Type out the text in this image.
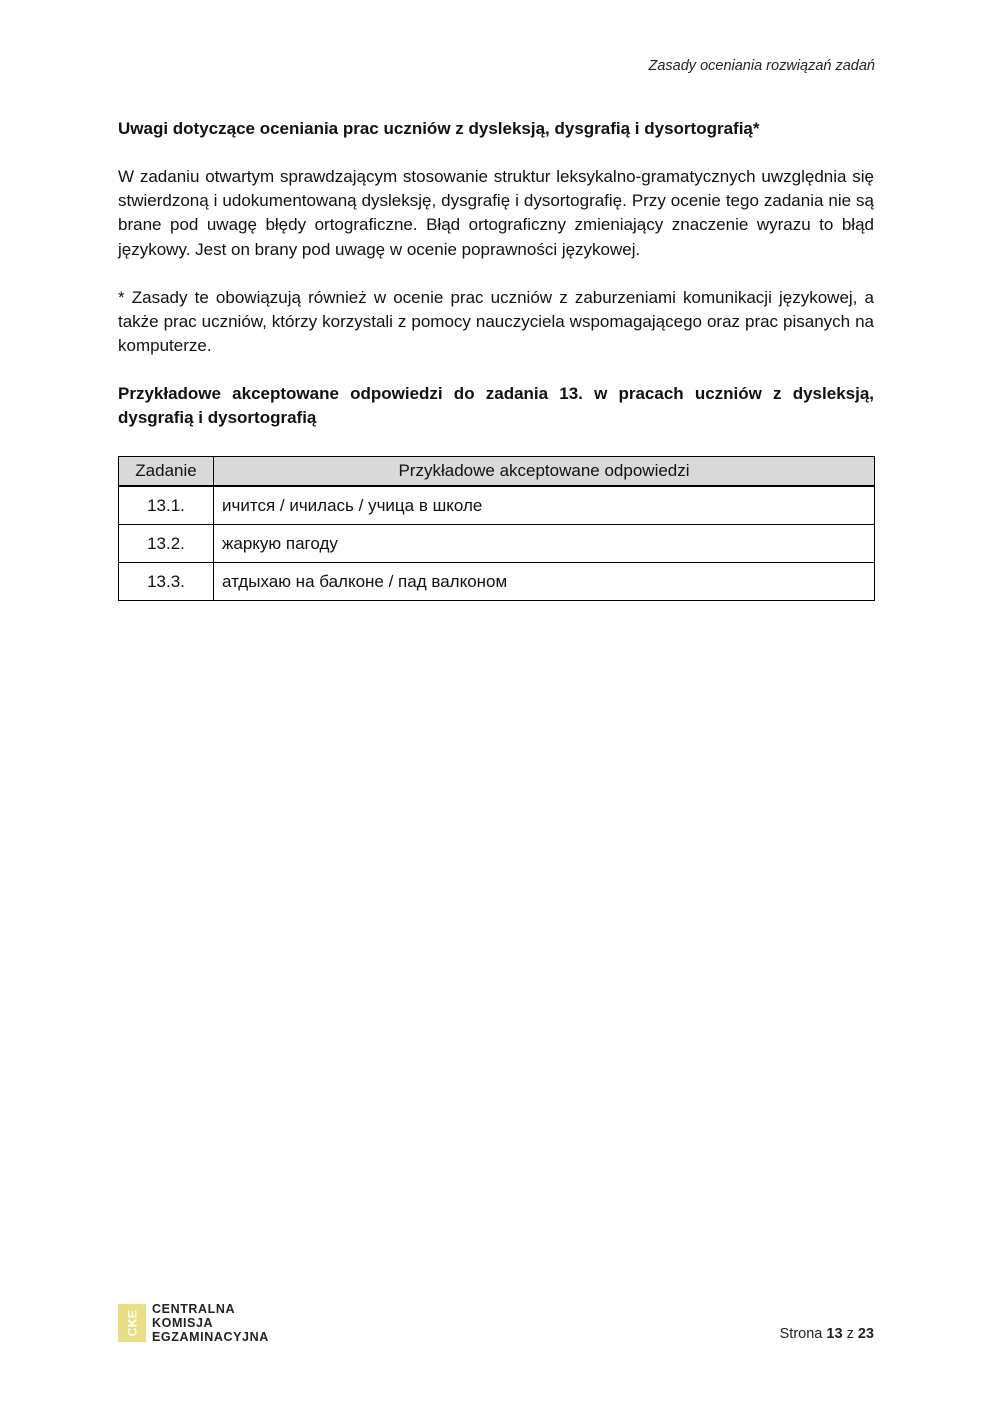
Zasady oceniania rozwiązań zadań

Uwagi dotyczące oceniania prac uczniów z dysleksją, dysgrafią i dysortografią*

W zadaniu otwartym sprawdzającym stosowanie struktur leksykalno-gramatycznych uwzględnia się stwierdzoną i udokumentowaną dysleksję, dysgrafię i dysortografię. Przy ocenie tego zadania nie są brane pod uwagę błędy ortograficzne. Błąd ortograficzny zmieniający znaczenie wyrazu to błąd językowy. Jest on brany pod uwagę w ocenie poprawności językowej.

* Zasady te obowiązują również w ocenie prac uczniów z zaburzeniami komunikacji językowej, a także prac uczniów, którzy korzystali z pomocy nauczyciela wspomagającego oraz prac pisanych na komputerze.

Przykładowe akceptowane odpowiedzi do zadania 13. w pracach uczniów z dysleksją, dysgrafią i dysortografią

Zadanie	Przykładowe akceptowane odpowiedzi
13.1.	ичится / ичилась / учица в школе
13.2.	жаркую пагоду
13.3.	атдыхаю на балконе / пад валконом
CKE
CENTRALNA
KOMISJA
EGZAMINACYJNA	Strona 13 z 23
